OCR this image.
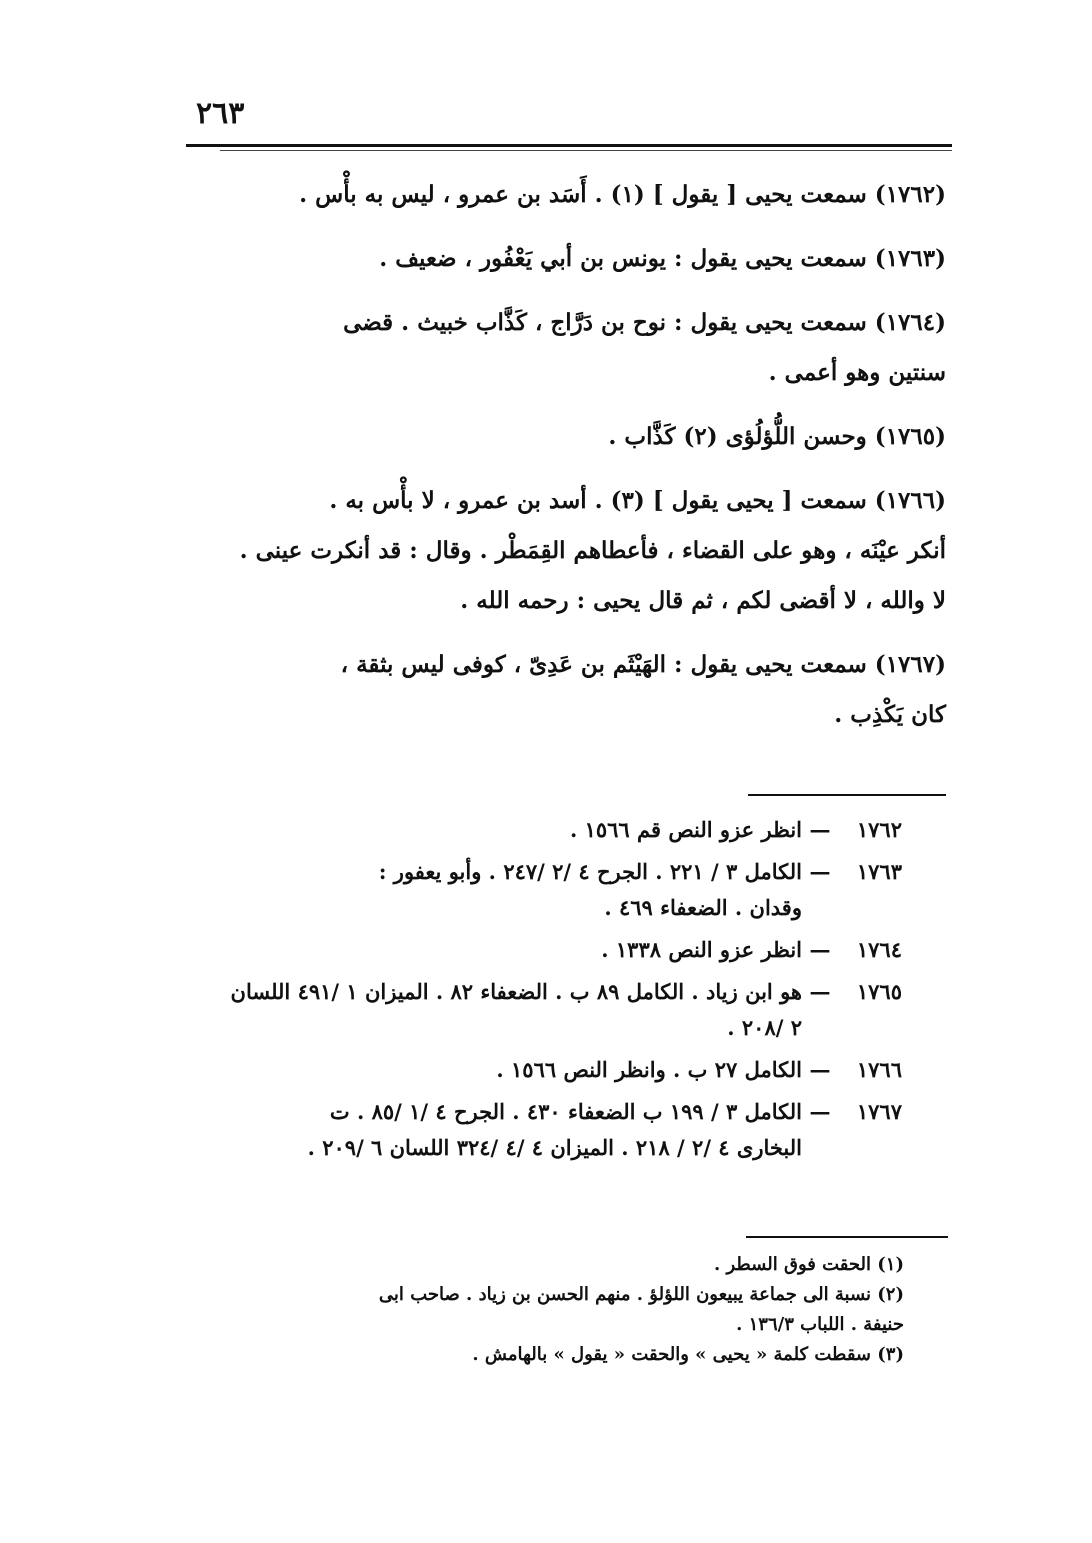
٢٦٣

(١٧٦٢) سمعت يحيى [ يقول ] (١) . أَسَد بن عمرو ، ليس به بأْس .

(١٧٦٣) سمعت يحيى يقول : يونس بن أبي يَعْفُور ، ضعيف .

(١٧٦٤) سمعت يحيى يقول : نوح بن دَرَّاج ، كَذَّاب خبيث . قضى

سنتين وهو أعمى .

(١٧٦٥) وحسن اللُّؤلُؤى (٢) كَذَّاب .

(١٧٦٦) سمعت [ يحيى يقول ] (٣) . أسد بن عمرو ، لا بأْس به .

أنكر عيْنَه ، وهو على القضاء ، فأعطاهم القِمَطْر . وقال : قد أنكرت عينى .

لا والله ، لا أقضى لكم ، ثم قال يحيى : رحمه الله .

(١٧٦٧) سمعت يحيى يقول : الهَيْثَم بن عَدِىّ ، كوفى ليس بثقة ،

كان يَكْذِب .

١٧٦٢
—

انظر عزو النص قم ١٥٦٦ .

١٧٦٣
—

الكامل ٣ / ٢٢١ . الجرح ٤ /٢ /٢٤٧ . وأبو يعفور :

وقدان . الضعفاء ٤٦٩ .

١٧٦٤
—

انظر عزو النص ١٣٣٨ .

١٧٦٥
—

هو ابن زياد . الكامل ٨٩ ب . الضعفاء ٨٢ . الميزان ١ /٤٩١ اللسان

٢ /٢٠٨ .

١٧٦٦
—

الكامل ٢٧ ب . وانظر النص ١٥٦٦ .

١٧٦٧
—

الكامل ٣ / ١٩٩ ب الضعفاء ٤٣٠ . الجرح ٤ /١ /٨٥ . ت

البخارى ٤ /٢ / ٢١٨ . الميزان ٤ /٤ /٣٢٤ اللسان ٦ /٢٠٩ .

(١) الحقت فوق السطر .

(٢) نسبة الى جماعة يبيعون اللؤلؤ . منهم الحسن بن زياد . صاحب ابى

حنيفة . اللباب ١٣٦/٣ .

(٣) سقطت كلمة « يحيى » والحقت « يقول » بالهامش .
